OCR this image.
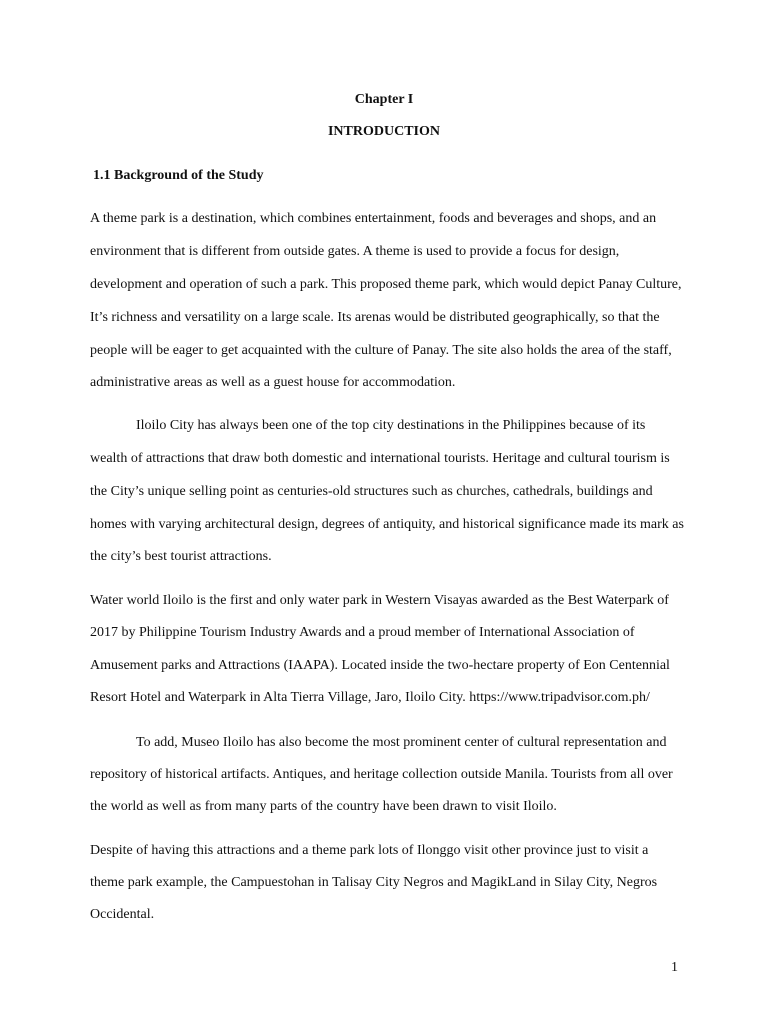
Chapter I
INTRODUCTION
1.1 Background of the Study
A theme park is a destination, which combines entertainment, foods and beverages and shops, and an
environment that is different from outside gates. A theme is used to provide a focus for design,
development and operation of such a park. This proposed theme park, which would depict Panay Culture,
It’s richness and versatility on a large scale. Its arenas would be distributed geographically, so that the
people will be eager to get acquainted with the culture of Panay. The site also holds the area of the staff,
administrative areas as well as a guest house for accommodation.
Iloilo City has always been one of the top city destinations in the Philippines because of its
wealth of attractions that draw both domestic and international tourists. Heritage and cultural tourism is
the City’s unique selling point as centuries-old structures such as churches, cathedrals, buildings and
homes with varying architectural design, degrees of antiquity, and historical significance made its mark as
the city’s best tourist attractions.
Water world Iloilo is the first and only water park in Western Visayas awarded as the Best Waterpark of
2017 by Philippine Tourism Industry Awards and a proud member of International Association of
Amusement parks and Attractions (IAAPA). Located inside the two-hectare property of Eon Centennial
Resort Hotel and Waterpark in Alta Tierra Village, Jaro, Iloilo City. https://www.tripadvisor.com.ph/
To add, Museo Iloilo has also become the most prominent center of cultural representation and
repository of historical artifacts. Antiques, and heritage collection outside Manila. Tourists from all over
the world as well as from many parts of the country have been drawn to visit Iloilo.
Despite of having this attractions and a theme park lots of Ilonggo visit other province just to visit a
theme park example, the Campuestohan in Talisay City Negros and MagikLand in Silay City, Negros
Occidental.
1
